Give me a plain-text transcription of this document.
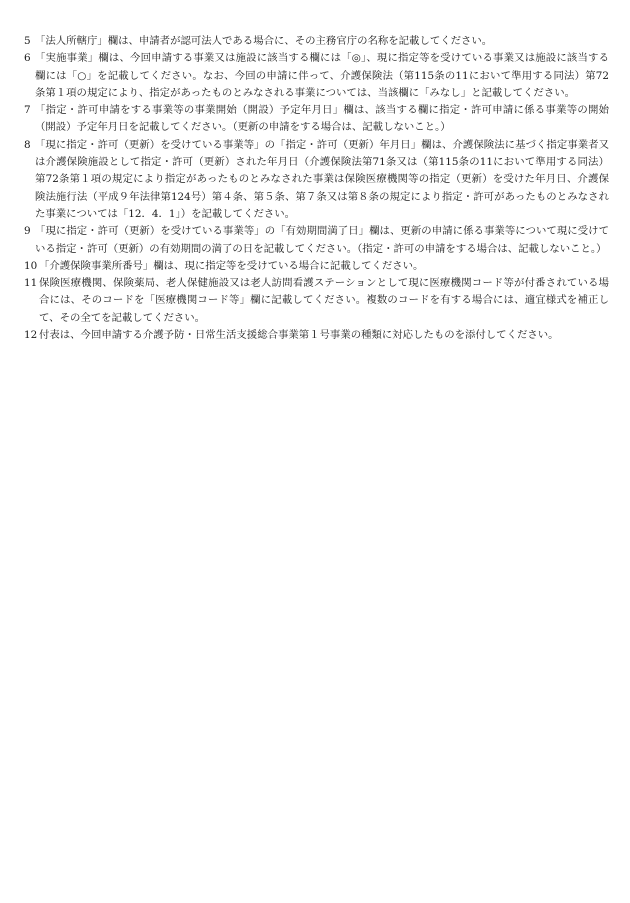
5 「法人所轄庁」欄は、申請者が認可法人である場合に、その主務官庁の名称を記載してください。
6 「実施事業」欄は、今回申請する事業又は施設に該当する欄には「◎」、現に指定等を受けている事業又は施設に該当する欄には「○」を記載してください。なお、今回の申請に伴って、介護保険法（第115条の11において準用する同法）第72条第１項の規定により、指定があったものとみなされる事業については、当該欄に「みなし」と記載してください。
7 「指定・許可申請をする事業等の事業開始（開設）予定年月日」欄は、該当する欄に指定・許可申請に係る事業等の開始（開設）予定年月日を記載してください。（更新の申請をする場合は、記載しないこと。）
8 「現に指定・許可（更新）を受けている事業等」の「指定・許可（更新）年月日」欄は、介護保険法に基づく指定事業者又は介護保険施設として指定・許可（更新）された年月日（介護保険法第71条又は（第115条の11において準用する同法）第72条第１項の規定により指定があったものとみなされた事業は保険医療機関等の指定（更新）を受けた年月日、介護保険法施行法（平成９年法律第124号）第４条、第５条、第７条又は第８条の規定により指定・許可があったものとみなされた事業については「12．4．1」）を記載してください。
9 「現に指定・許可（更新）を受けている事業等」の「有効期間満了日」欄は、更新の申請に係る事業等について現に受けている指定・許可（更新）の有効期間の満了の日を記載してください。（指定・許可の申請をする場合は、記載しないこと。）
10 「介護保険事業所番号」欄は、現に指定等を受けている場合に記載してください。
11 保険医療機関、保険薬局、老人保健施設又は老人訪問看護ステーションとして現に医療機関コード等が付番されている場合には、そのコードを「医療機関コード等」欄に記載してください。複数のコードを有する場合には、適宜様式を補正して、その全てを記載してください。
12 付表は、今回申請する介護予防・日常生活支援総合事業第１号事業の種類に対応したものを添付してください。
